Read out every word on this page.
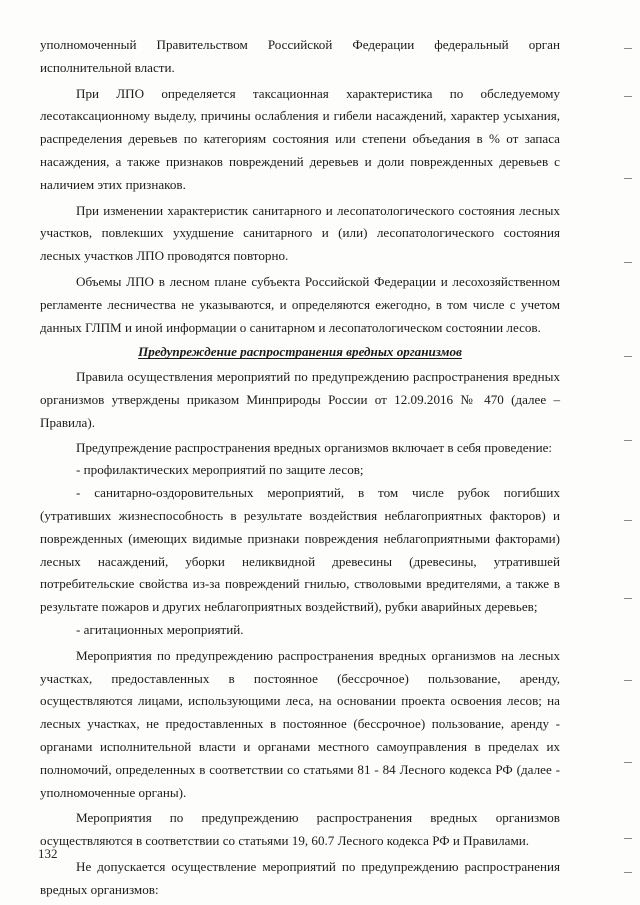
уполномоченный Правительством Российской Федерации федеральный орган исполнительной власти.

При ЛПО определяется таксационная характеристика по обследуемому лесотаксационному выделу, причины ослабления и гибели насаждений, характер усыхания, распределения деревьев по категориям состояния или степени объедания в % от запаса насаждения, а также признаков повреждений деревьев и доли поврежденных деревьев с наличием этих признаков.

При изменении характеристик санитарного и лесопатологического состояния лесных участков, повлекших ухудшение санитарного и (или) лесопатологического состояния лесных участков ЛПО проводятся повторно.

Объемы ЛПО в лесном плане субъекта Российской Федерации и лесохозяйственном регламенте лесничества не указываются, и определяются ежегодно, в том числе с учетом данных ГЛПМ и иной информации о санитарном и лесопатологическом состоянии лесов.

Предупреждение распространения вредных организмов

Правила осуществления мероприятий по предупреждению распространения вредных организмов утверждены приказом Минприроды России от 12.09.2016 № 470 (далее – Правила).

Предупреждение распространения вредных организмов включает в себя проведение:

- профилактических мероприятий по защите лесов;

- санитарно-оздоровительных мероприятий, в том числе рубок погибших (утративших жизнеспособность в результате воздействия неблагоприятных факторов) и поврежденных (имеющих видимые признаки повреждения неблагоприятными факторами) лесных насаждений, уборки неликвидной древесины (древесины, утратившей потребительские свойства из-за повреждений гнилью, стволовыми вредителями, а также в результате пожаров и других неблагоприятных воздействий), рубки аварийных деревьев;

- агитационных мероприятий.

Мероприятия по предупреждению распространения вредных организмов на лесных участках, предоставленных в постоянное (бессрочное) пользование, аренду, осуществляются лицами, использующими леса, на основании проекта освоения лесов; на лесных участках, не предоставленных в постоянное (бессрочное) пользование, аренду - органами исполнительной власти и органами местного самоуправления в пределах их полномочий, определенных в соответствии со статьями 81 - 84 Лесного кодекса РФ (далее - уполномоченные органы).

Мероприятия по предупреждению распространения вредных организмов осуществляются в соответствии со статьями 19, 60.7 Лесного кодекса РФ и Правилами.

Не допускается осуществление мероприятий по предупреждению распространения вредных организмов:

132
